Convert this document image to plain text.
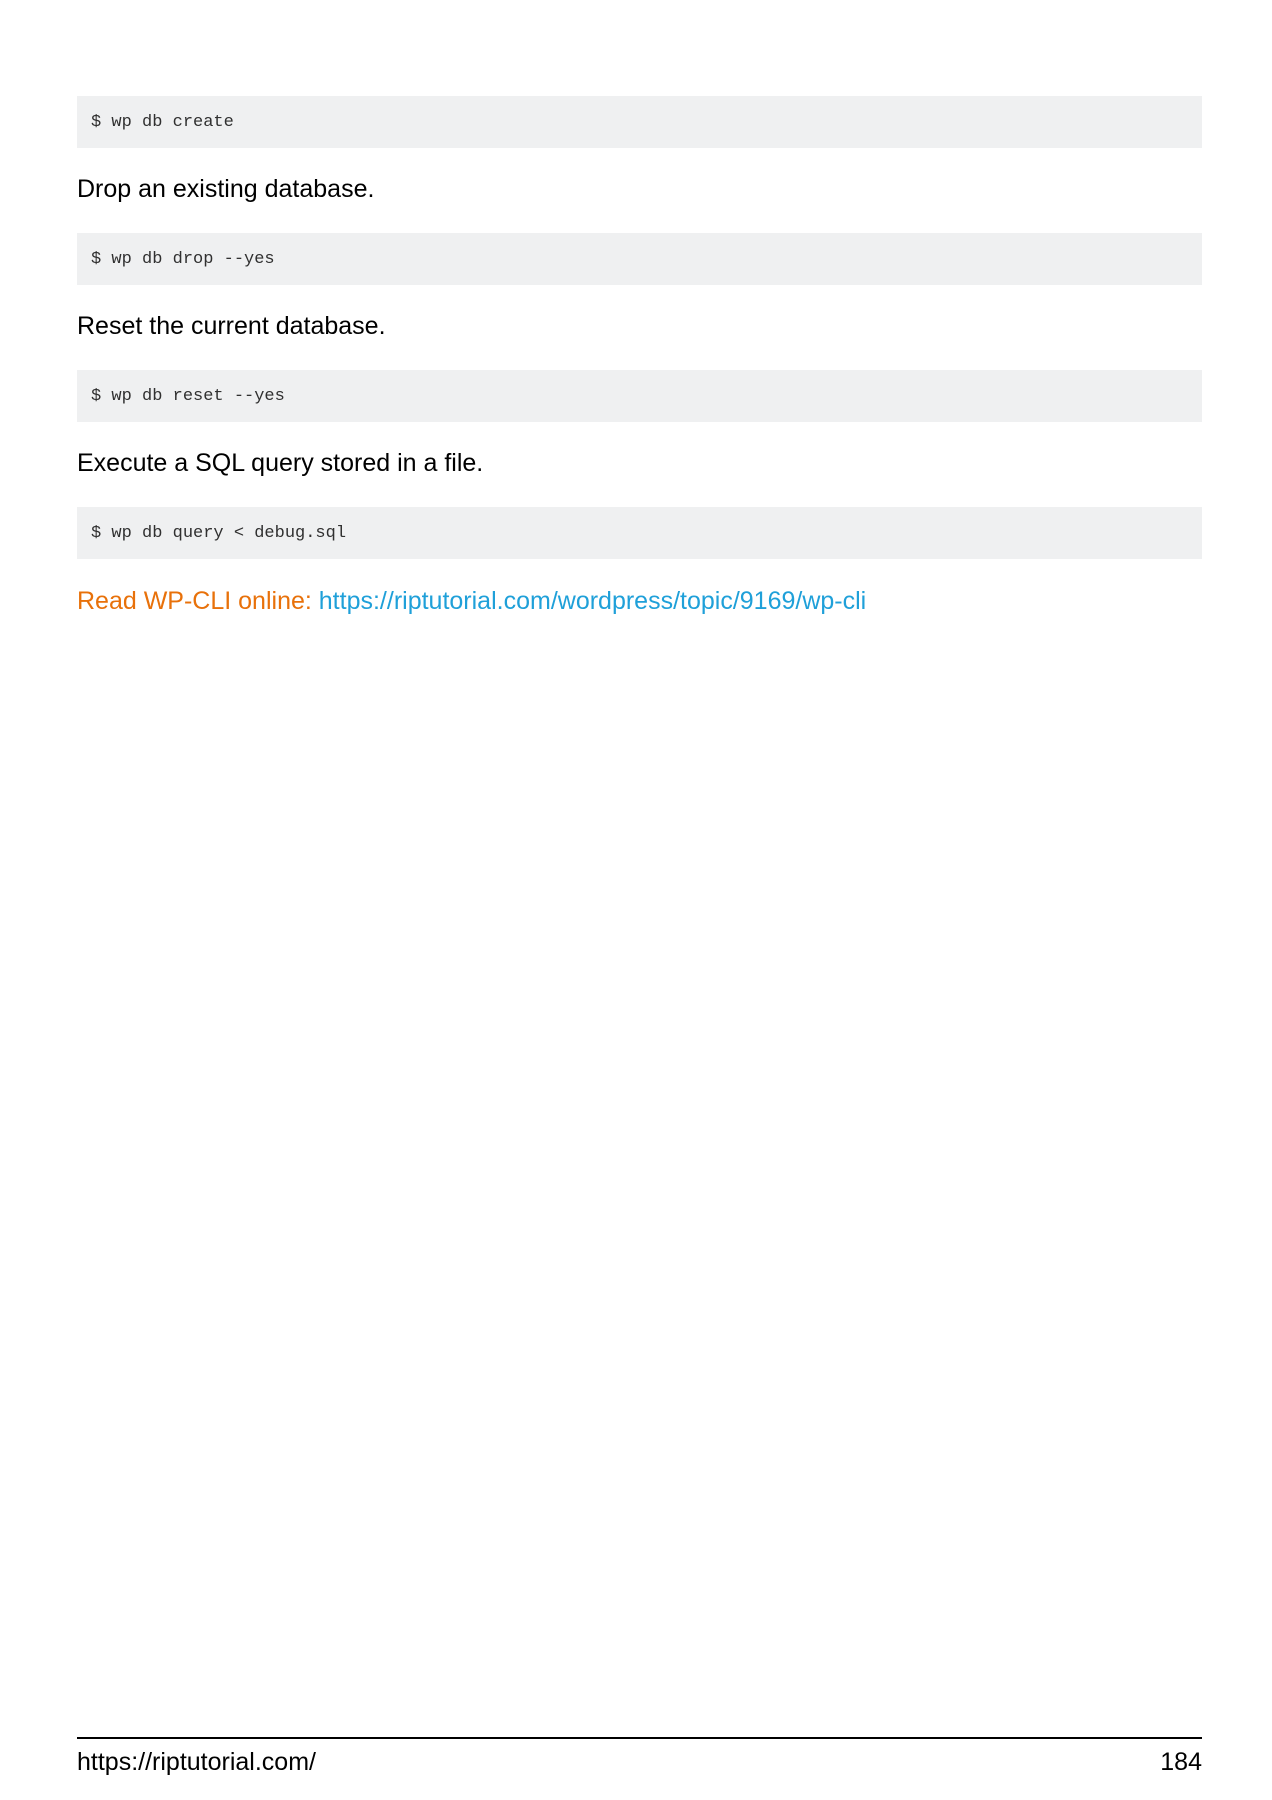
$ wp db create
Drop an existing database.
$ wp db drop --yes
Reset the current database.
$ wp db reset --yes
Execute a SQL query stored in a file.
$ wp db query < debug.sql
Read WP-CLI online: https://riptutorial.com/wordpress/topic/9169/wp-cli
https://riptutorial.com/	184
